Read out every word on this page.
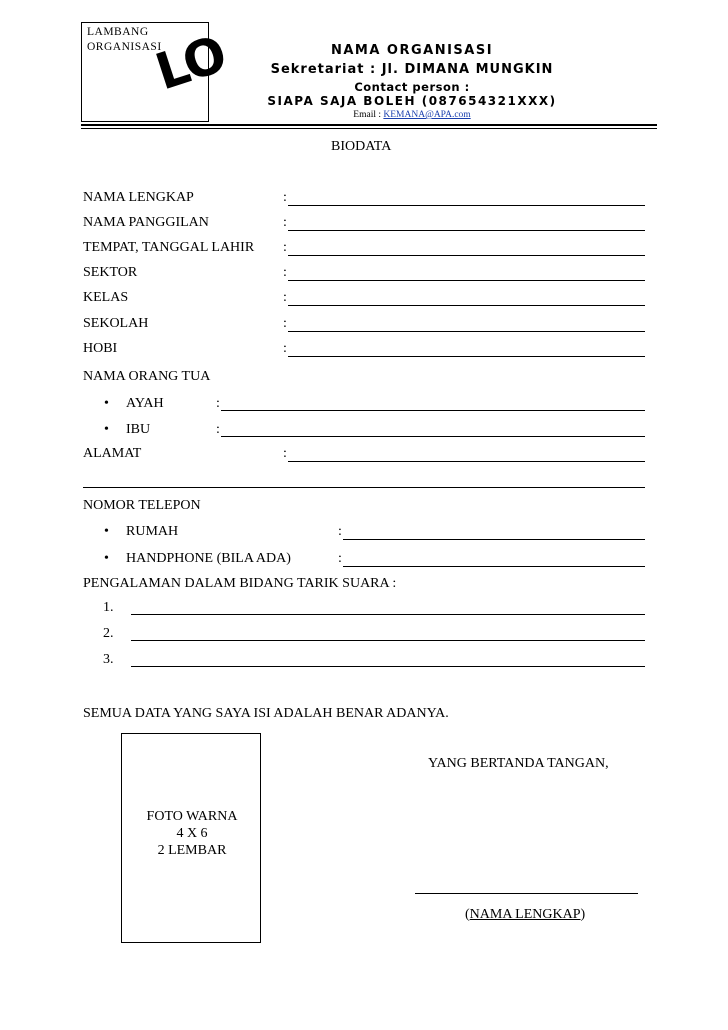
LAMBANG
ORGANISASI
LO	NAMA ORGANISASI
Sekretariat : Jl. DIMANA MUNGKIN
Contact person :
SIAPA SAJA BOLEH (087654321XXX)
Email : KEMANA@APA.com
BIODATA
NAMA LENGKAP	:
NAMA PANGGILAN	:
TEMPAT, TANGGAL LAHIR :
SEKTOR	:
KELAS	:
SEKOLAH	:
HOBI	:
NAMA ORANG TUA
• AYAH	:
• IBU	:
ALAMAT	:
NOMOR TELEPON
• RUMAH	:
• HANDPHONE (BILA ADA)	:
PENGALAMAN DALAM BIDANG TARIK SUARA :
1.
2.
3.
SEMUA DATA YANG SAYA ISI ADALAH BENAR ADANYA.
FOTO WARNA
4 X 6
2 LEMBAR
YANG BERTANDA TANGAN,
(NAMA LENGKAP)
